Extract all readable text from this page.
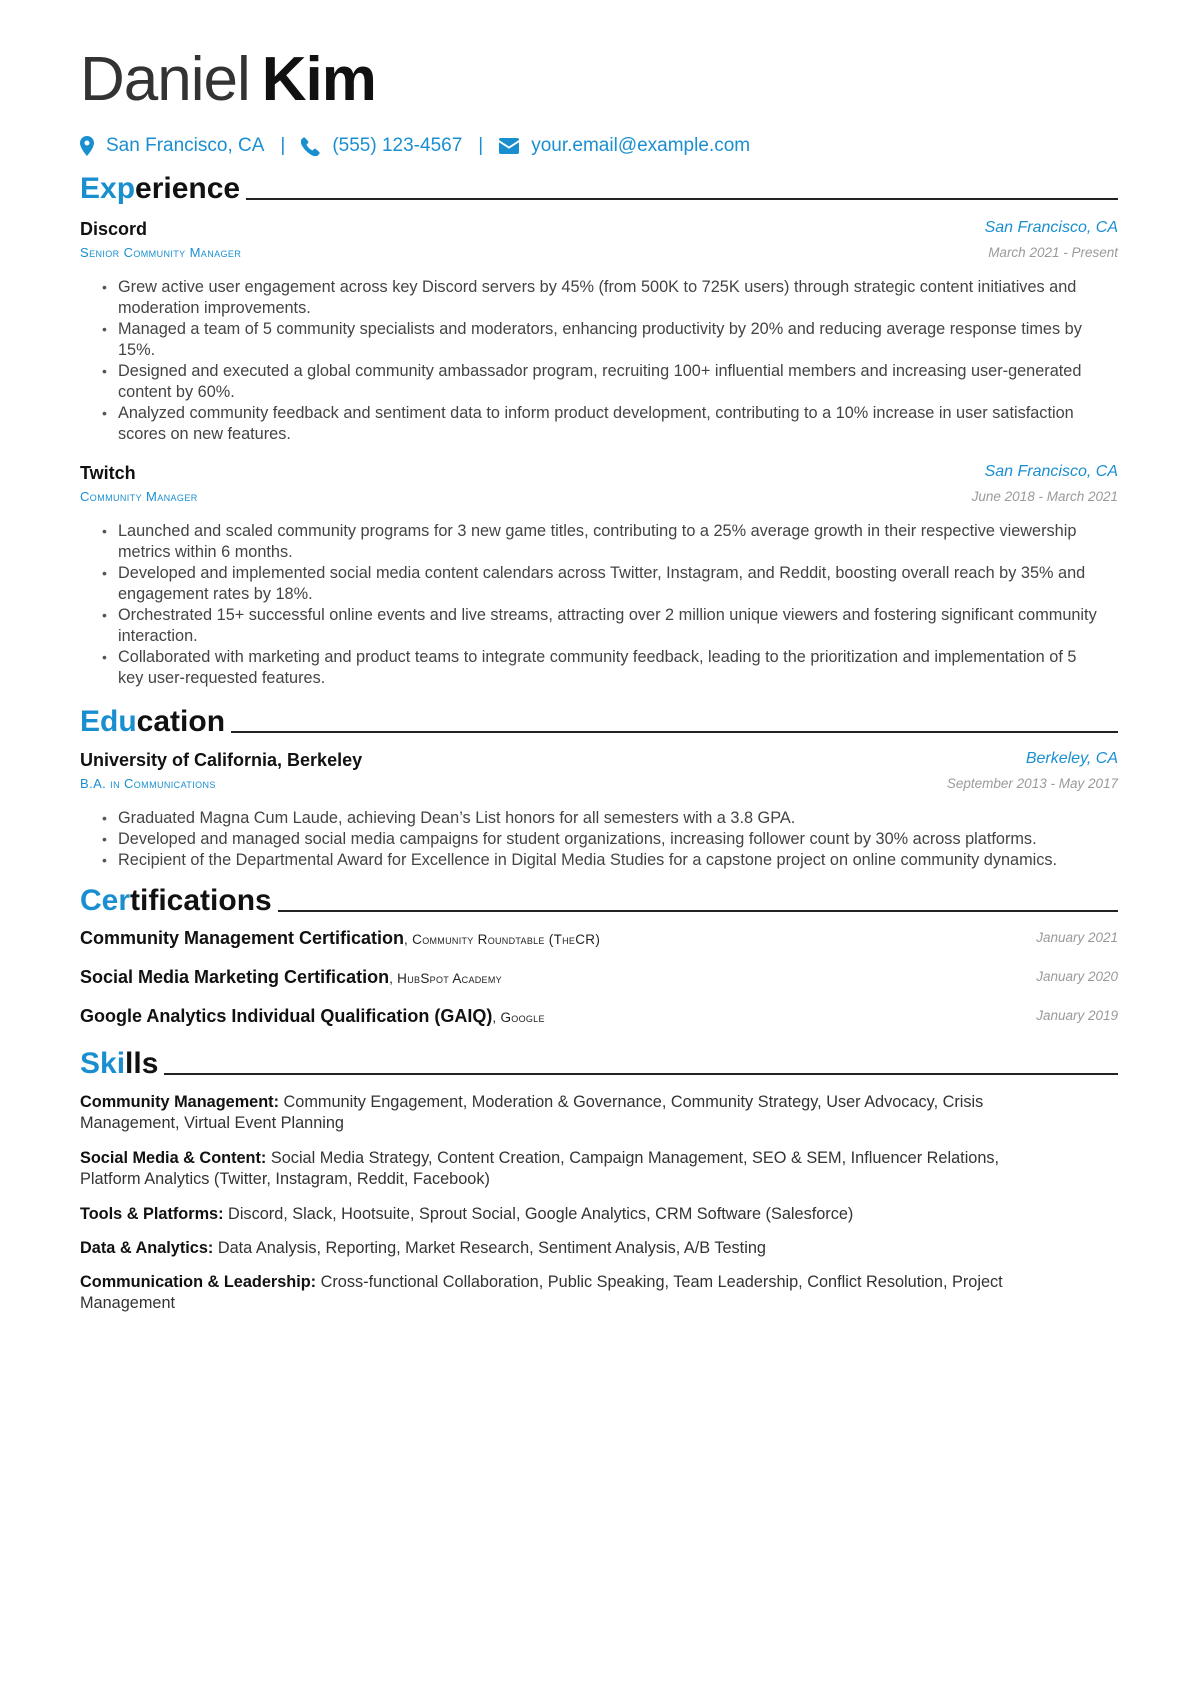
Daniel Kim
San Francisco, CA | (555) 123-4567 |	your.email@example.com
Experience
Discord	San Francisco, CA
Senior Community Manager	March 2021 - Present
• Grew active user engagement across key Discord servers by 45% (from 500K to 725K users) through strategic content initiatives and moderation improvements.
• Managed a team of 5 community specialists and moderators, enhancing productivity by 20% and reducing average response times by 15%.
• Designed and executed a global community ambassador program, recruiting 100+ influential members and increasing user-generated content by 60%.
• Analyzed community feedback and sentiment data to inform product development, contributing to a 10% increase in user satisfaction scores on new features.
Twitch	San Francisco, CA
Community Manager	June 2018 - March 2021
• Launched and scaled community programs for 3 new game titles, contributing to a 25% average growth in their respective viewership metrics within 6 months.
• Developed and implemented social media content calendars across Twitter, Instagram, and Reddit, boosting overall reach by 35% and engagement rates by 18%.
• Orchestrated 15+ successful online events and live streams, attracting over 2 million unique viewers and fostering significant community interaction.
• Collaborated with marketing and product teams to integrate community feedback, leading to the prioritization and implementation of 5 key user-requested features.
Education
University of California, Berkeley	Berkeley, CA
B.A. in Communications	September 2013 - May 2017
• Graduated Magna Cum Laude, achieving Dean’s List honors for all semesters with a 3.8 GPA.
• Developed and managed social media campaigns for student organizations, increasing follower count by 30% across platforms.
• Recipient of the Departmental Award for Excellence in Digital Media Studies for a capstone project on online community dynamics.
Certifications
Community Management Certification, Community Roundtable (TheCR)	January 2021
Social Media Marketing Certification, HubSpot Academy	January 2020
Google Analytics Individual Qualification (GAIQ), Google	January 2019
Skills
Community Management: Community Engagement, Moderation & Governance, Community Strategy, User Advocacy, Crisis Management, Virtual Event Planning
Social Media & Content: Social Media Strategy, Content Creation, Campaign Management, SEO & SEM, Influencer Relations, Platform Analytics (Twitter, Instagram, Reddit, Facebook)
Tools & Platforms: Discord, Slack, Hootsuite, Sprout Social, Google Analytics, CRM Software (Salesforce)
Data & Analytics: Data Analysis, Reporting, Market Research, Sentiment Analysis, A/B Testing
Communication & Leadership: Cross-functional Collaboration, Public Speaking, Team Leadership, Conflict Resolution, Project Management
